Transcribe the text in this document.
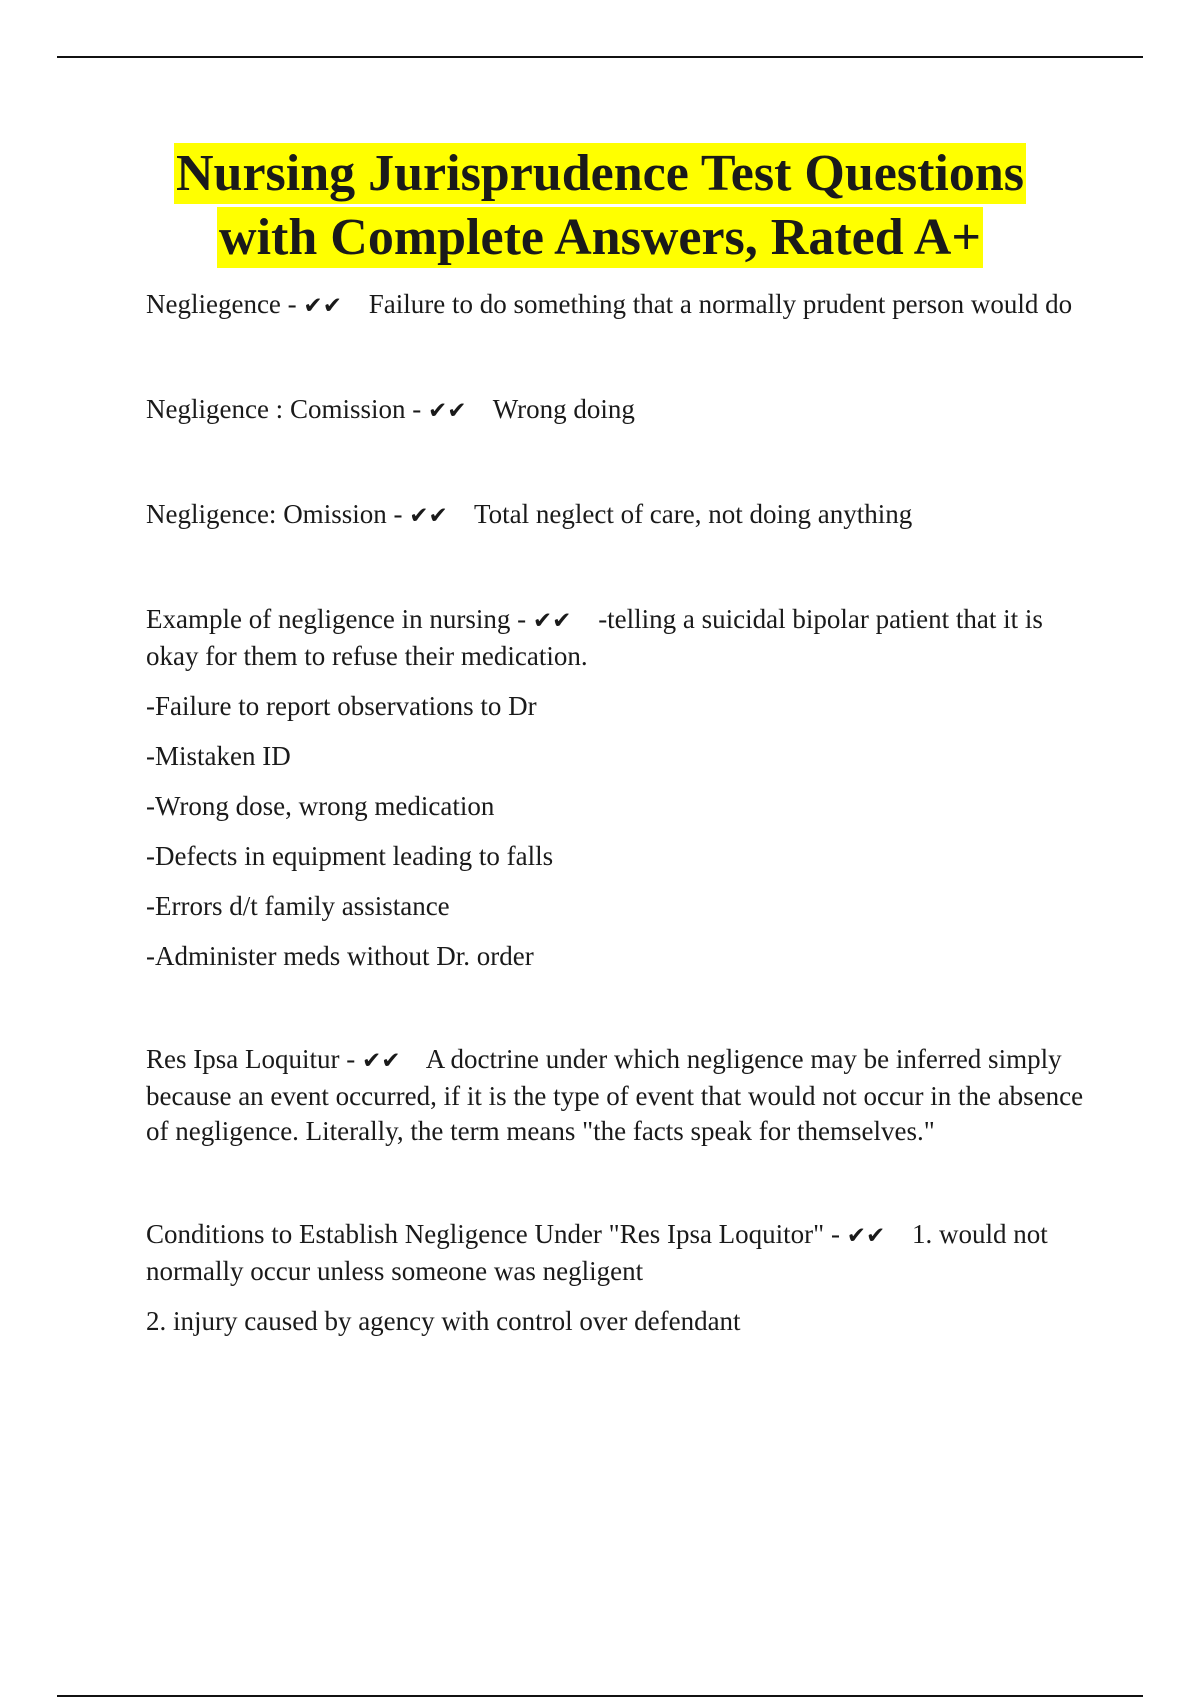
Nursing Jurisprudence Test Questions
with Complete Answers, Rated A+

Negliegence - ✔✔ Failure to do something that a normally prudent person would do

Negligence : Comission - ✔✔ Wrong doing

Negligence: Omission - ✔✔ Total neglect of care, not doing anything

Example of negligence in nursing - ✔✔ -telling a suicidal bipolar patient that it is okay for them to refuse their medication.

-Failure to report observations to Dr

-Mistaken ID

-Wrong dose, wrong medication

-Defects in equipment leading to falls

-Errors d/t family assistance

-Administer meds without Dr. order

Res Ipsa Loquitur - ✔✔ A doctrine under which negligence may be inferred simply because an event occurred, if it is the type of event that would not occur in the absence of negligence. Literally, the term means "the facts speak for themselves."

Conditions to Establish Negligence Under "Res Ipsa Loquitor" - ✔✔ 1. would not normally occur unless someone was negligent

2. injury caused by agency with control over defendant
